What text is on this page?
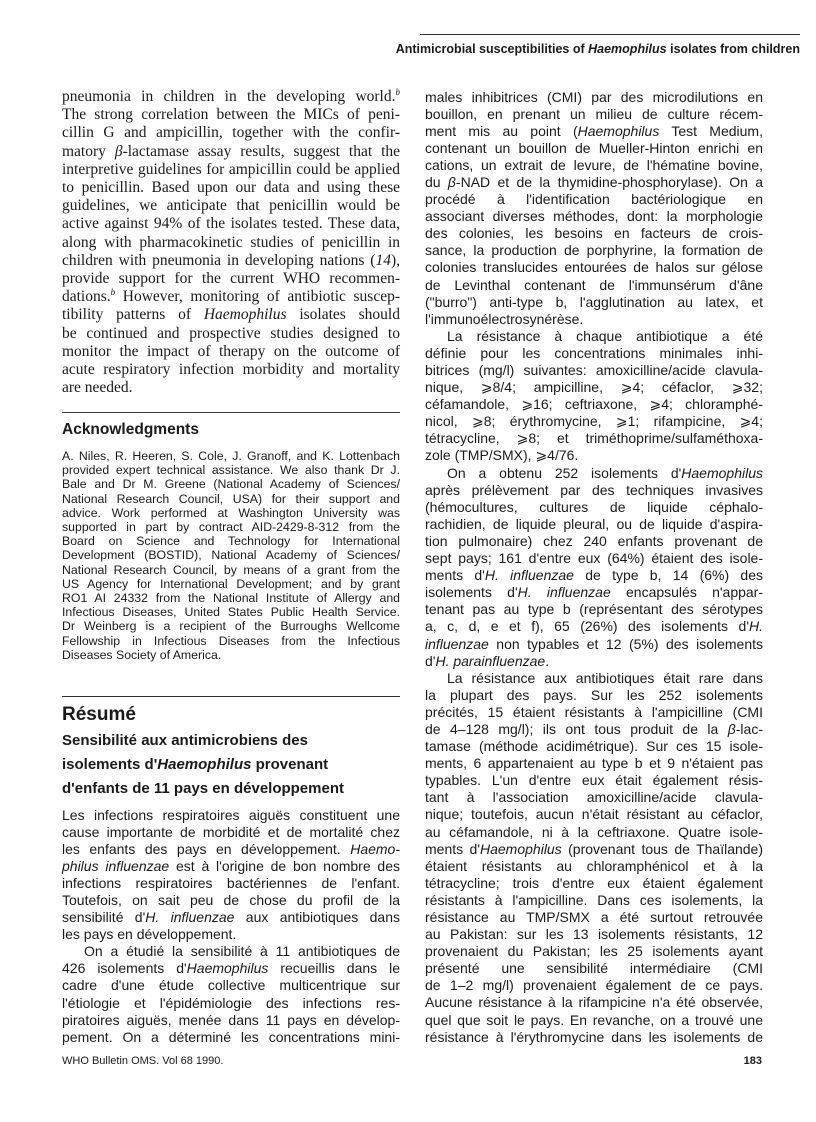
Antimicrobial susceptibilities of Haemophilus isolates from children
pneumonia in children in the developing world.$^b$
The strong correlation between the MICs of peni-
cillin G and ampicillin, together with the confir-
matory β-lactamase assay results, suggest that the
interpretive guidelines for ampicillin could be applied
to penicillin. Based upon our data and using these
guidelines, we anticipate that penicillin would be
active against 94% of the isolates tested. These data,
along with pharmacokinetic studies of penicillin in
children with pneumonia in developing nations (14),
provide support for the current WHO recommen-
dations.$^b$ However, monitoring of antibiotic suscep-
tibility patterns of Haemophilus isolates should
be continued and prospective studies designed to
monitor the impact of therapy on the outcome of
acute respiratory infection morbidity and mortality
are needed.
Acknowledgments
A. Niles, R. Heeren, S. Cole, J. Granoff, and K. Lottenbach
provided expert technical assistance. We also thank Dr J.
Bale and Dr M. Greene (National Academy of Sciences/
National Research Council, USA) for their support and
advice. Work performed at Washington University was
supported in part by contract AID-2429-8-312 from the
Board on Science and Technology for International
Development (BOSTID), National Academy of Sciences/
National Research Council, by means of a grant from the
US Agency for International Development; and by grant
RO1 AI 24332 from the National Institute of Allergy and
Infectious Diseases, United States Public Health Service.
Dr Weinberg is a recipient of the Burroughs Wellcome
Fellowship in Infectious Diseases from the Infectious
Diseases Society of America.
Résumé
Sensibilité aux antimicrobiens des
isolements d'Haemophilus provenant
d'enfants de 11 pays en développement
Les infections respiratoires aiguës constituent une
cause importante de morbidité et de mortalité chez
les enfants des pays en développement. Haemo-
philus influenzae est à l'origine de bon nombre des
infections respiratoires bactériennes de l'enfant.
Toutefois, on sait peu de chose du profil de la
sensibilité d'H. influenzae aux antibiotiques dans
les pays en développement.
On a étudié la sensibilité à 11 antibiotiques de
426 isolements d'Haemophilus recueillis dans le
cadre d'une étude collective multicentrique sur
l'étiologie et l'épidémiologie des infections res-
piratoires aiguës, menée dans 11 pays en dévelop-
pement. On a déterminé les concentrations mini-
males inhibitrices (CMI) par des microdilutions en
bouillon, en prenant un milieu de culture récem-
ment mis au point (Haemophilus Test Medium,
contenant un bouillon de Mueller-Hinton enrichi en
cations, un extrait de levure, de l'hématine bovine,
du β-NAD et de la thymidine-phosphorylase). On a
procédé à l'identification bactériologique en
associant diverses méthodes, dont: la morphologie
des colonies, les besoins en facteurs de crois-
sance, la production de porphyrine, la formation de
colonies translucides entourées de halos sur gélose
de Levinthal contenant de l'immunsérum d'âne
("burro") anti-type b, l'agglutination au latex, et
l'immunoélectrosynérèse.
La résistance à chaque antibiotique a été
définie pour les concentrations minimales inhi-
bitrices (mg/l) suivantes: amoxicilline/acide clavula-
nique, ⩾8/4; ampicilline, ⩾4; céfaclor, ⩾32;
céfamandole, ⩾16; ceftriaxone, ⩾4; chloramphé-
nicol, ⩾8; érythromycine, ⩾1; rifampicine, ⩾4;
tétracycline, ⩾8; et triméthoprime/sulfaméthoxa-
zole (TMP/SMX), ⩾4/76.
On a obtenu 252 isolements d'Haemophilus
après prélèvement par des techniques invasives
(hémocultures, cultures de liquide céphalo-
rachidien, de liquide pleural, ou de liquide d'aspira-
tion pulmonaire) chez 240 enfants provenant de
sept pays; 161 d'entre eux (64%) étaient des isole-
ments d'H. influenzae de type b, 14 (6%) des
isolements d'H. influenzae encapsulés n'appar-
tenant pas au type b (représentant des sérotypes
a, c, d, e et f), 65 (26%) des isolements d'H.
influenzae non typables et 12 (5%) des isolements
d'H. parainfluenzae.
La résistance aux antibiotiques était rare dans
la plupart des pays. Sur les 252 isolements
précités, 15 étaient résistants à l'ampicilline (CMI
de 4–128 mg/l); ils ont tous produit de la β-lac-
tamase (méthode acidimétrique). Sur ces 15 isole-
ments, 6 appartenaient au type b et 9 n'étaient pas
typables. L'un d'entre eux était également résis-
tant à l'association amoxicilline/acide clavula-
nique; toutefois, aucun n'était résistant au céfaclor,
au céfamandole, ni à la ceftriaxone. Quatre isole-
ments d'Haemophilus (provenant tous de Thaïlande)
étaient résistants au chloramphénicol et à la
tétracycline; trois d'entre eux étaient également
résistants à l'ampicilline. Dans ces isolements, la
résistance au TMP/SMX a été surtout retrouvée
au Pakistan: sur les 13 isolements résistants, 12
provenaient du Pakistan; les 25 isolements ayant
présenté une sensibilité intermédiaire (CMI
de 1–2 mg/l) provenaient également de ce pays.
Aucune résistance à la rifampicine n'a été observée,
quel que soit le pays. En revanche, on a trouvé une
résistance à l'érythromycine dans les isolements de
WHO Bulletin OMS. Vol 68 1990.	183
